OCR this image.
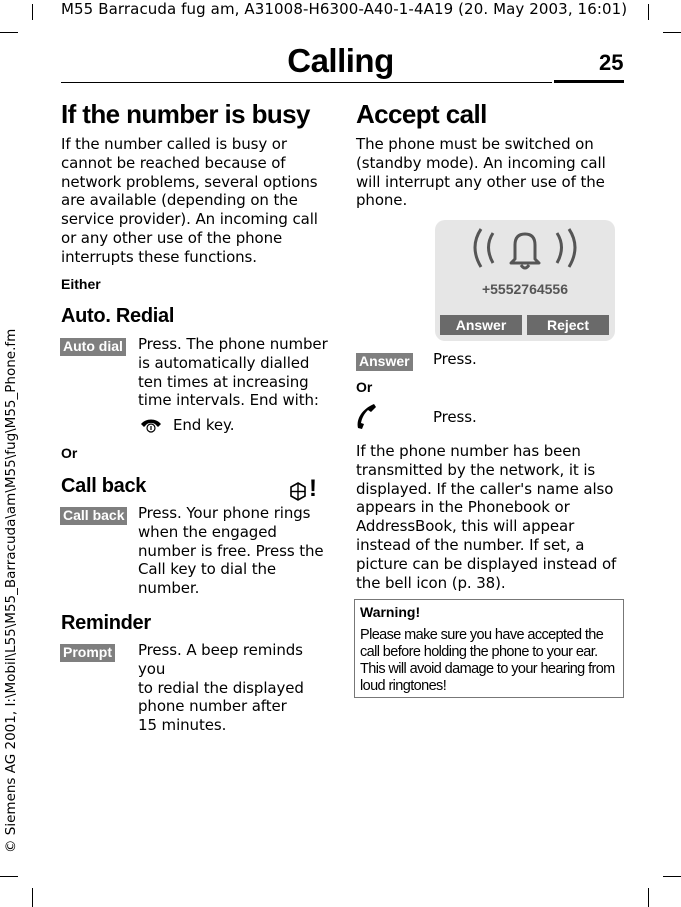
M55 Barracuda fug am, A31008-H6300-A40-1-4A19 (20. May 2003, 16:01)
© Siemens AG 2001, I:\Mobil\L55\M55_Barracuda\am\M55\fug\M55_Phone.fm
Calling	25
If the number is busy
If the number called is busy or
cannot be reached because of
network problems, several options
are available (depending on the
service provider). An incoming call
or any other use of the phone
interrupts these functions.
Either
Auto. Redial
Auto dial Press. The phone number
is automatically dialled
ten times at increasing
time intervals. End with:
End key.
Or
Call back	!
Call back Press. Your phone rings
when the engaged
number is free. Press the
Call key to dial the
number.
Reminder
Prompt Press. A beep reminds you
to redial the displayed
phone number after
15 minutes.
Accept call
The phone must be switched on
(standby mode). An incoming call
will interrupt any other use of the
phone.
+5552764556
Answer	Reject
Answer Press.
Or
Press.
If the phone number has been
transmitted by the network, it is
displayed. If the caller's name also
appears in the Phonebook or
AddressBook, this will appear
instead of the number. If set, a
picture can be displayed instead of
the bell icon (p. 38).
Warning!
Please make sure you have accepted the
call before holding the phone to your ear.
This will avoid damage to your hearing from
loud ringtones!
